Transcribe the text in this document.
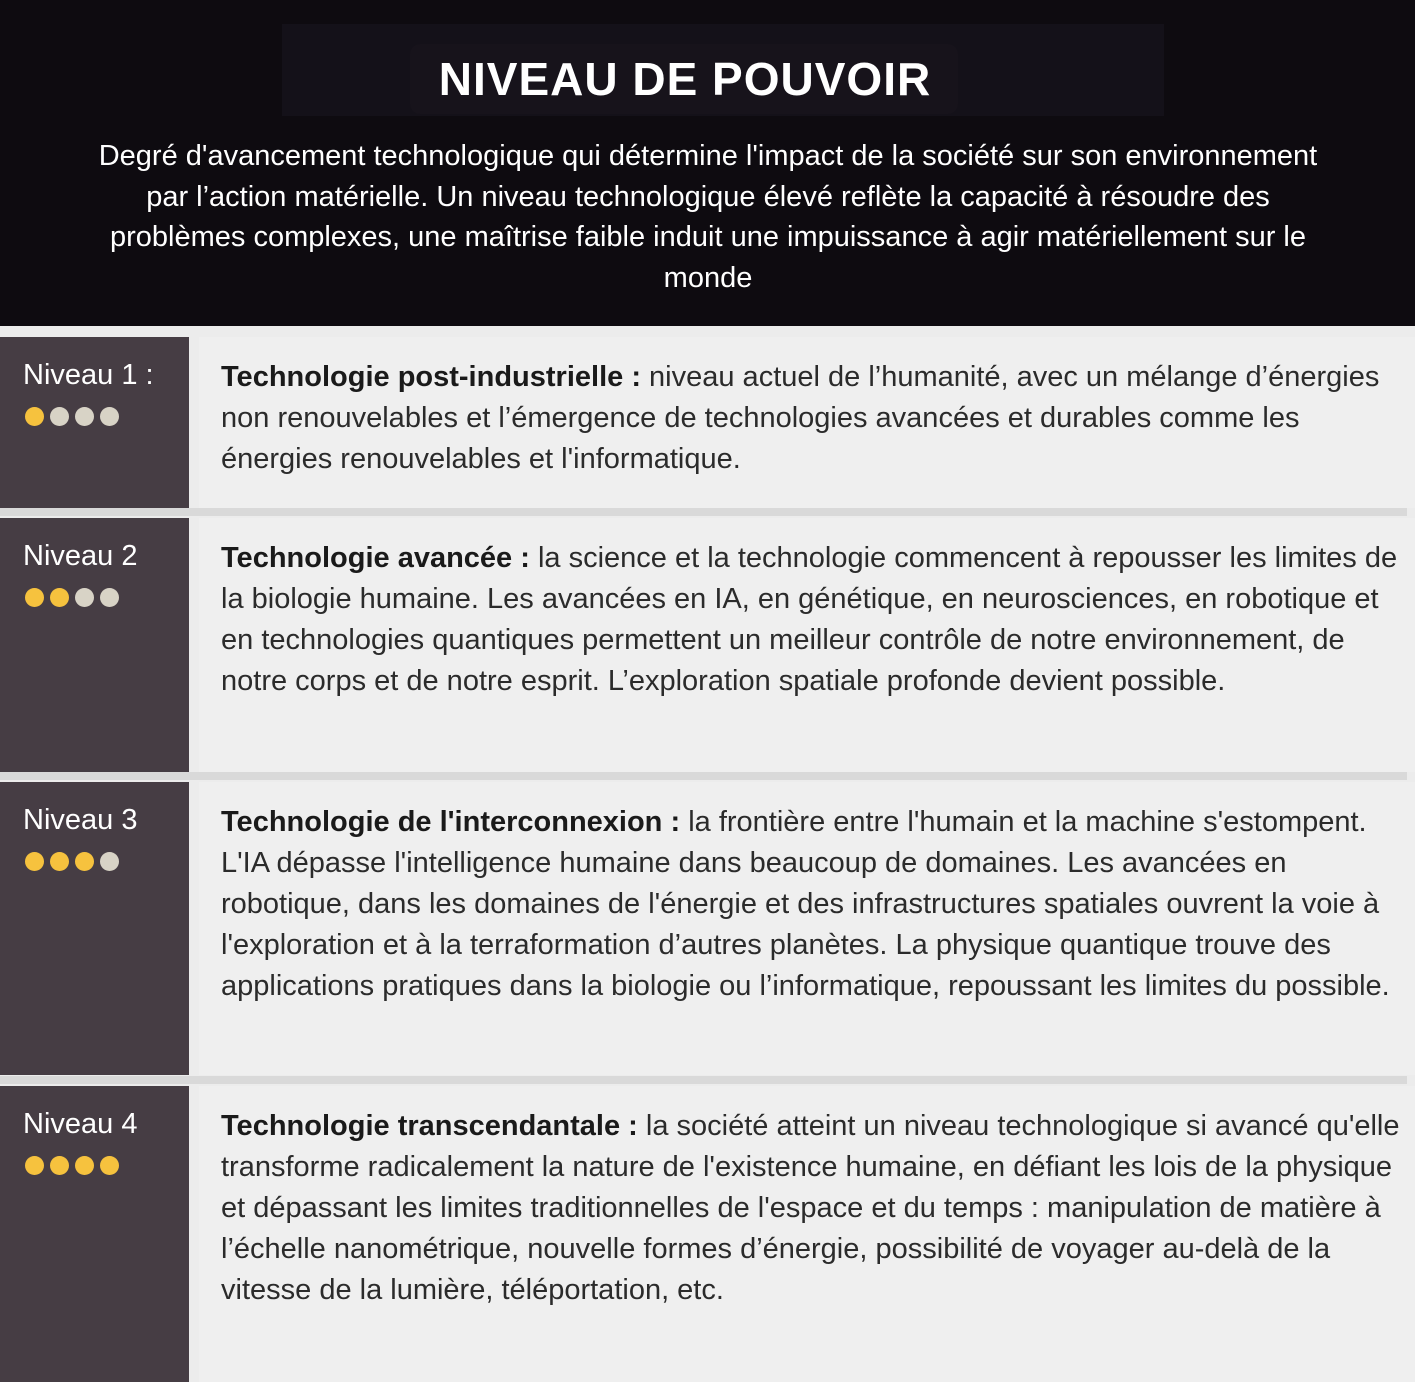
NIVEAU DE POUVOIR
Degré d'avancement technologique qui détermine l'impact de la société sur son environnement par l’action matérielle. Un niveau technologique élevé reflète la capacité à résoudre des problèmes complexes, une maîtrise faible induit une impuissance à agir matériellement sur le monde
Niveau 1 : Technologie post-industrielle : niveau actuel de l’humanité, avec un mélange d’énergies non renouvelables et l’émergence de technologies avancées et durables comme les énergies renouvelables et l'informatique.
Niveau 2	Technologie avancée : la science et la technologie commencent à repousser les limites de la biologie humaine. Les avancées en IA, en génétique, en neurosciences, en robotique et en technologies quantiques permettent un meilleur contrôle de notre environnement, de notre corps et de notre esprit. L’exploration spatiale profonde devient possible.
Niveau 3	Technologie de l'interconnexion : la frontière entre l'humain et la machine s'estompent. L'IA dépasse l'intelligence humaine dans beaucoup de domaines. Les avancées en robotique, dans les domaines de l'énergie et des infrastructures spatiales ouvrent la voie à l'exploration et à la terraformation d’autres planètes. La physique quantique trouve des applications pratiques dans la biologie ou l’informatique, repoussant les limites du possible.
Niveau 4	Technologie transcendantale : la société atteint un niveau technologique si avancé qu'elle transforme radicalement la nature de l'existence humaine, en défiant les lois de la physique et dépassant les limites traditionnelles de l'espace et du temps : manipulation de matière à l’échelle nanométrique, nouvelle formes d’énergie, possibilité de voyager au-delà de la vitesse de la lumière, téléportation, etc.
